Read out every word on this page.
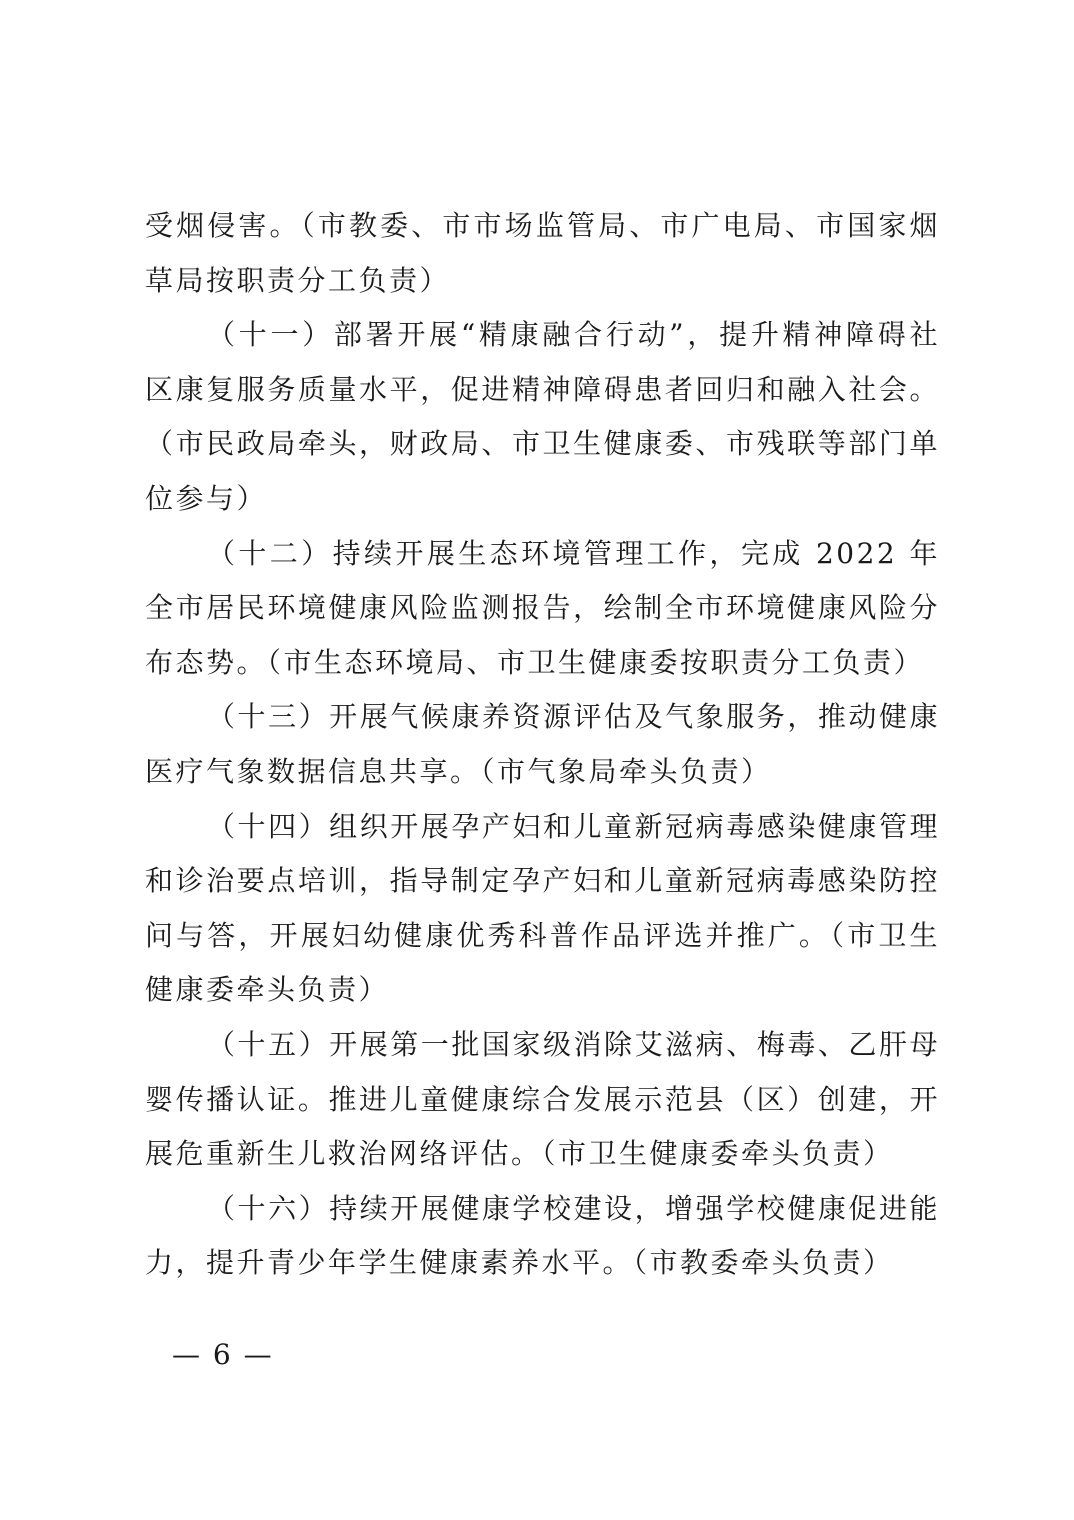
受烟侵害。（市教委、市市场监管局、市广电局、市国家烟草局按职责分工负责）

（十一）部署开展“精康融合行动”，提升精神障碍社区康复服务质量水平，促进精神障碍患者回归和融入社会。（市民政局牵头，财政局、市卫生健康委、市残联等部门单位参与）

（十二）持续开展生态环境管理工作，完成 2022 年全市居民环境健康风险监测报告，绘制全市环境健康风险分布态势。（市生态环境局、市卫生健康委按职责分工负责）

（十三）开展气候康养资源评估及气象服务，推动健康医疗气象数据信息共享。（市气象局牵头负责）

（十四）组织开展孕产妇和儿童新冠病毒感染健康管理和诊治要点培训，指导制定孕产妇和儿童新冠病毒感染防控问与答，开展妇幼健康优秀科普作品评选并推广。（市卫生健康委牵头负责）

（十五）开展第一批国家级消除艾滋病、梅毒、乙肝母婴传播认证。推进儿童健康综合发展示范县（区）创建，开展危重新生儿救治网络评估。（市卫生健康委牵头负责）

（十六）持续开展健康学校建设，增强学校健康促进能力，提升青少年学生健康素养水平。（市教委牵头负责）

— 6 —
